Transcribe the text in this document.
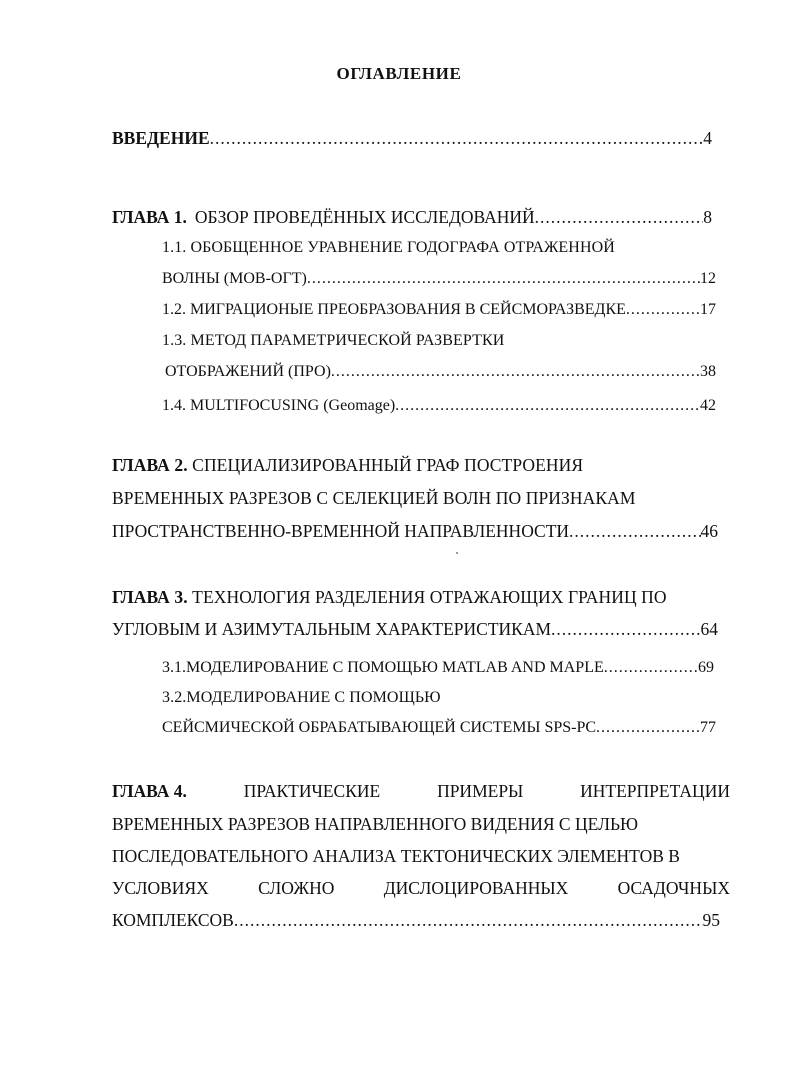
ОГЛАВЛЕНИЕ
ВВЕДЕНИЕ .....	4
ГЛАВА 1. ОБЗОР ПРОВЕДЁННЫХ ИССЛЕДОВАНИЙ .....	8
1.1. ОБОБЩЕННОЕ УРАВНЕНИЕ ГОДОГРАФА ОТРАЖЕННОЙ
ВОЛНЫ (МОВ-ОГТ) .....	12
1.2. МИГРАЦИОНЫЕ ПРЕОБРАЗОВАНИЯ В СЕЙСМОРАЗВЕДКЕ .....	17
1.3. МЕТОД ПАРАМЕТРИЧЕСКОЙ РАЗВЕРТКИ
ОТОБРАЖЕНИЙ (ПРО) .....	38
1.4. MULTIFOCUSING (Geomage) .....	42
ГЛАВА 2. СПЕЦИАЛИЗИРОВАННЫЙ ГРАФ ПОСТРОЕНИЯ
ВРЕМЕННЫХ РАЗРЕЗОВ С СЕЛЕКЦИЕЙ ВОЛН ПО ПРИЗНАКАМ
ПРОСТРАНСТВЕННО-ВРЕМЕННОЙ НАПРАВЛЕННОСТИ .....	46
ГЛАВА 3. ТЕХНОЛОГИЯ РАЗДЕЛЕНИЯ ОТРАЖАЮЩИХ ГРАНИЦ ПО
УГЛОВЫМ И АЗИМУТАЛЬНЫМ ХАРАКТЕРИСТИКАМ .....	64
3.1.МОДЕЛИРОВАНИЕ С ПОМОЩЬЮ MATLAB AND MAPLE .....	69
3.2.МОДЕЛИРОВАНИЕ С ПОМОЩЬЮ
СЕЙСМИЧЕСКОЙ ОБРАБАТЫВАЮЩЕЙ СИСТЕМЫ SPS-PC .....	77
ГЛАВА 4.	ПРАКТИЧЕСКИЕ	ПРИМЕРЫ	ИНТЕРПРЕТАЦИИ
ВРЕМЕННЫХ РАЗРЕЗОВ НАПРАВЛЕННОГО ВИДЕНИЯ С ЦЕЛЬЮ
ПОСЛЕДОВАТЕЛЬНОГО АНАЛИЗА ТЕКТОНИЧЕСКИХ ЭЛЕМЕНТОВ В
УСЛОВИЯХ	СЛОЖНО	ДИСЛОЦИРОВАННЫХ	ОСАДОЧНЫХ
КОМПЛЕКСОВ .....	95
